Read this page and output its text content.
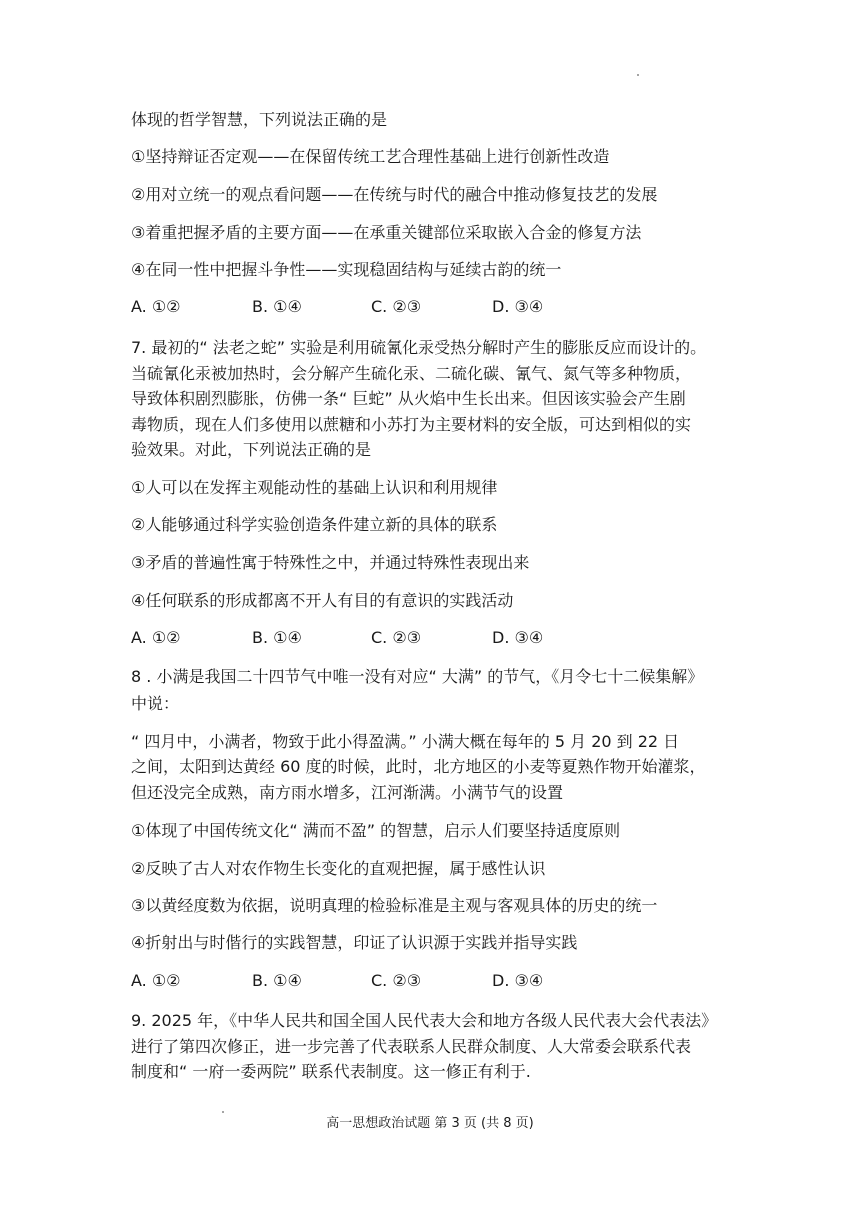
体现的哲学智慧，下列说法正确的是
①坚持辩证否定观——在保留传统工艺合理性基础上进行创新性改造
②用对立统一的观点看问题——在传统与时代的融合中推动修复技艺的发展
③着重把握矛盾的主要方面——在承重关键部位采取嵌入合金的修复方法
④在同一性中把握斗争性——实现稳固结构与延续古韵的统一
A. ①②	B. ①④	C. ②③	D. ③④
7. 最初的“ 法老之蛇” 实验是利用硫氰化汞受热分解时产生的膨胀反应而设计的。
当硫氰化汞被加热时，会分解产生硫化汞、二硫化碳、氰气、氮气等多种物质，
导致体积剧烈膨胀，仿佛一条“ 巨蛇” 从火焰中生长出来。但因该实验会产生剧
毒物质，现在人们多使用以蔗糖和小苏打为主要材料的安全版，可达到相似的实
验效果。对此，下列说法正确的是
①人可以在发挥主观能动性的基础上认识和利用规律
②人能够通过科学实验创造条件建立新的具体的联系
③矛盾的普遍性寓于特殊性之中，并通过特殊性表现出来
④任何联系的形成都离不开人有目的有意识的实践活动
A. ①②	B. ①④	C. ②③	D. ③④
8 . 小满是我国二十四节气中唯一没有对应“ 大满” 的节气，《月令七十二候集解》
中说：
“ 四月中，小满者，物致于此小得盈满。” 小满大概在每年的 5 月 20 到 22 日
之间，太阳到达黄经 60 度的时候，此时，北方地区的小麦等夏熟作物开始灌浆，
但还没完全成熟，南方雨水增多，江河渐满。小满节气的设置
①体现了中国传统文化“ 满而不盈” 的智慧，启示人们要坚持适度原则
②反映了古人对农作物生长变化的直观把握，属于感性认识
③以黄经度数为依据，说明真理的检验标准是主观与客观具体的历史的统一
④折射出与时偕行的实践智慧，印证了认识源于实践并指导实践
A. ①②	B. ①④	C. ②③	D. ③④
9. 2025 年，《中华人民共和国全国人民代表大会和地方各级人民代表大会代表法》
进行了第四次修正，进一步完善了代表联系人民群众制度、人大常委会联系代表
制度和“ 一府一委两院” 联系代表制度。这一修正有利于.
高一思想政治试题 第 3 页 (共 8 页)
